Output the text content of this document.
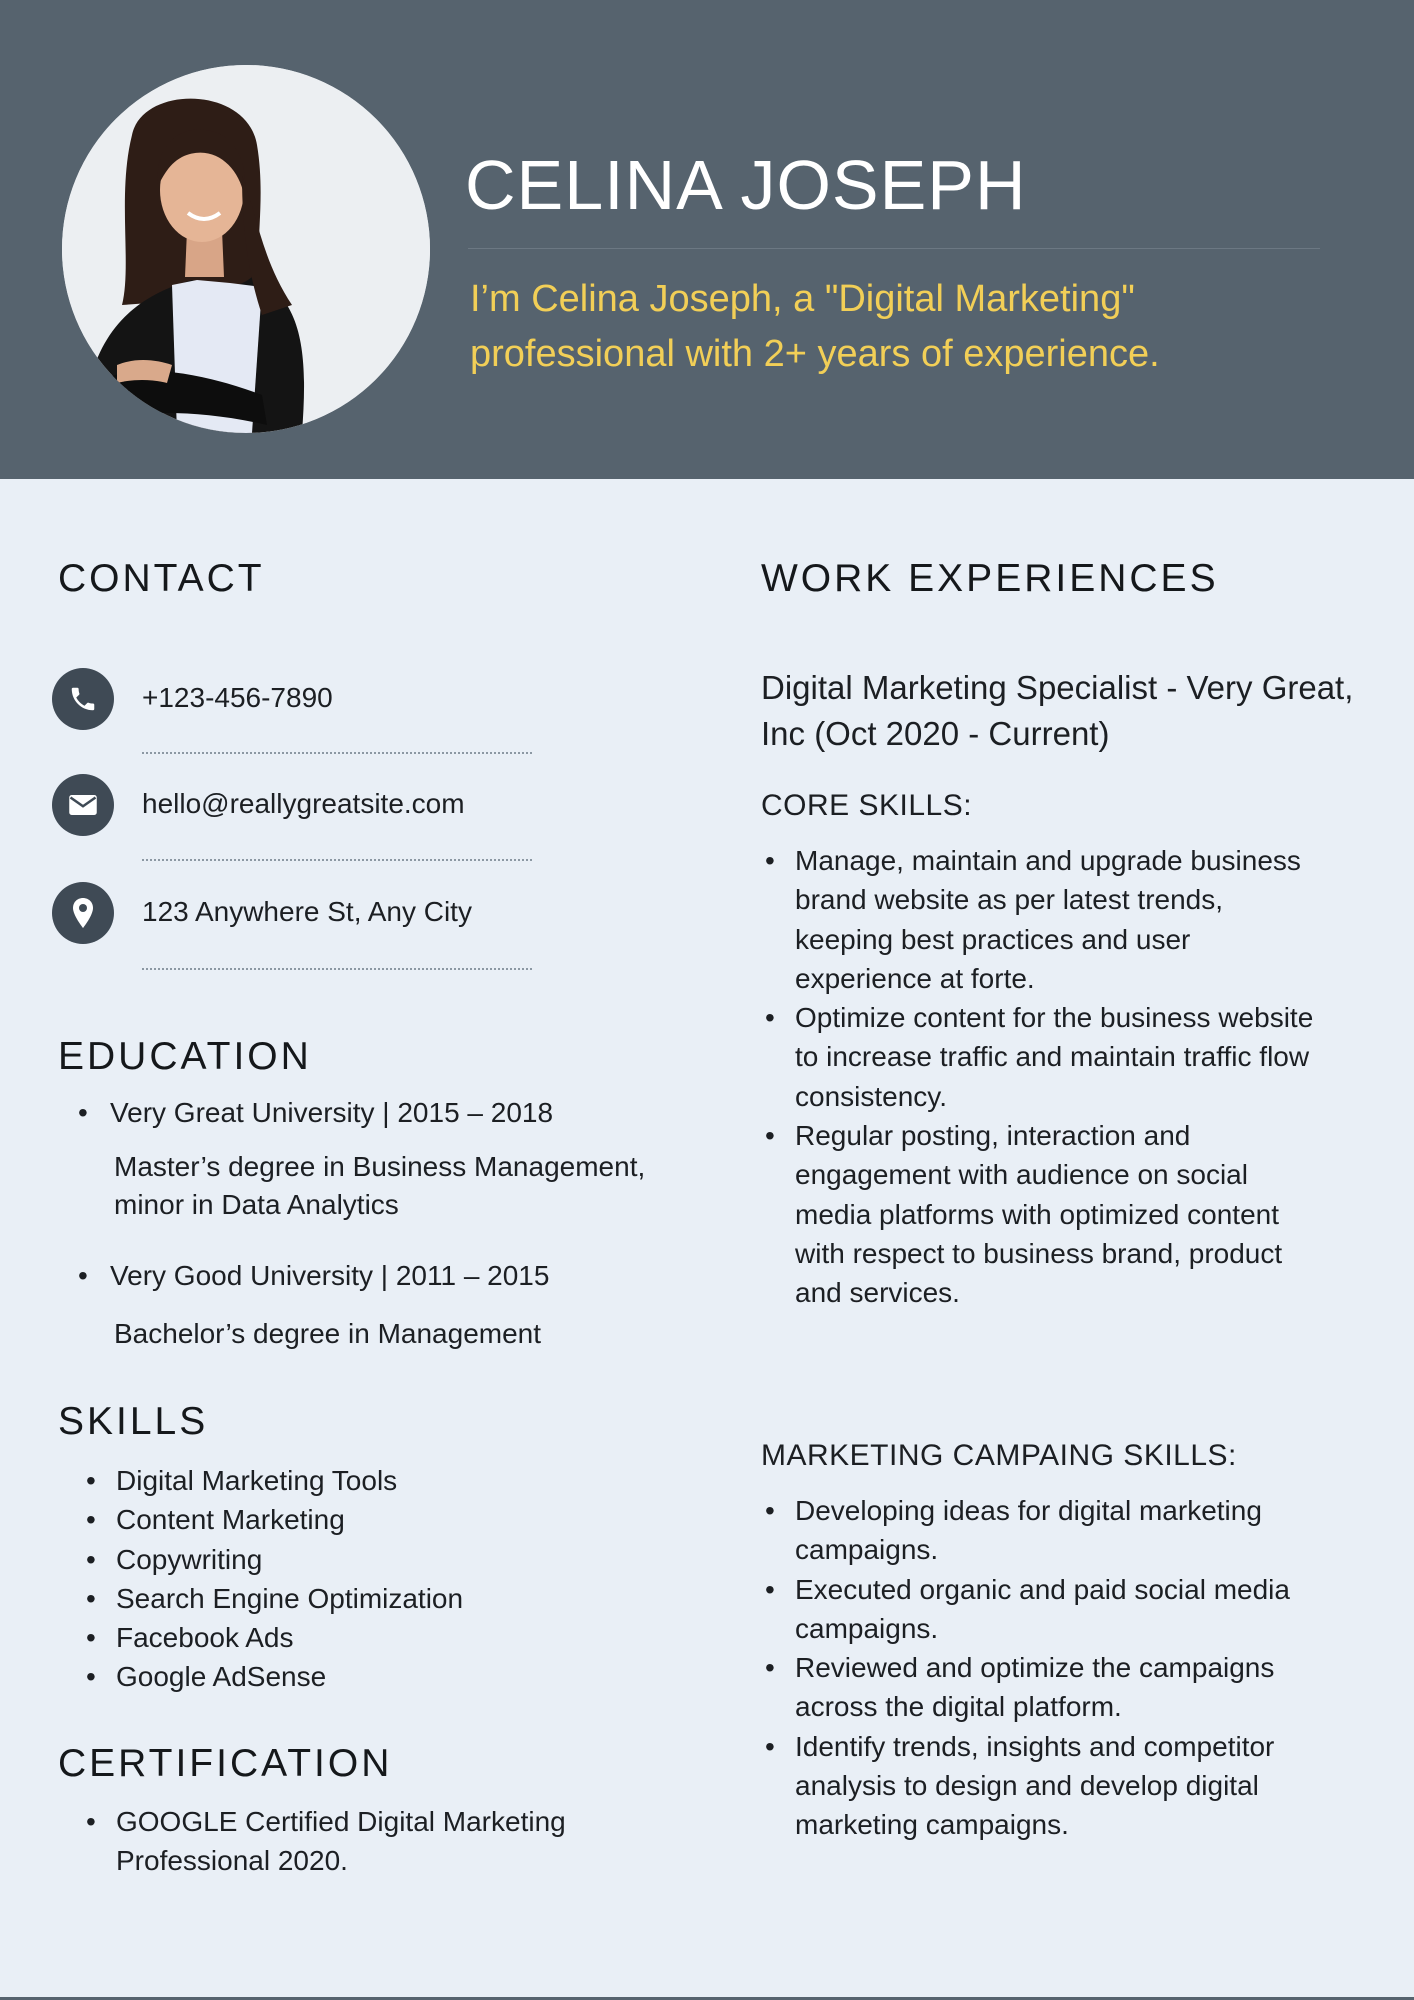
CELINA JOSEPH
I’m Celina Joseph, a "Digital Marketing" professional with 2+ years of experience.
CONTACT
+123-456-7890
hello@reallygreatsite.com
123 Anywhere St, Any City
EDUCATION
• Very Great University | 2015 – 2018
Master’s degree in Business Management, minor in Data Analytics
• Very Good University | 2011 – 2015
Bachelor’s degree in Management
SKILLS
• Digital Marketing Tools
• Content Marketing
• Copywriting
• Search Engine Optimization
• Facebook Ads
• Google AdSense
CERTIFICATION
• GOOGLE Certified Digital Marketing Professional 2020.
WORK EXPERIENCES
Digital Marketing Specialist - Very Great, Inc (Oct 2020 - Current)
CORE SKILLS:
• Manage, maintain and upgrade business brand website as per latest trends, keeping best practices and user experience at forte.
• Optimize content for the business website to increase traffic and maintain traffic flow consistency.
• Regular posting, interaction and engagement with audience on social media platforms with optimized content with respect to business brand, product and services.
MARKETING CAMPAING SKILLS:
• Developing ideas for digital marketing campaigns.
• Executed organic and paid social media campaigns.
• Reviewed and optimize the campaigns across the digital platform.
• Identify trends, insights and competitor analysis to design and develop digital marketing campaigns.
